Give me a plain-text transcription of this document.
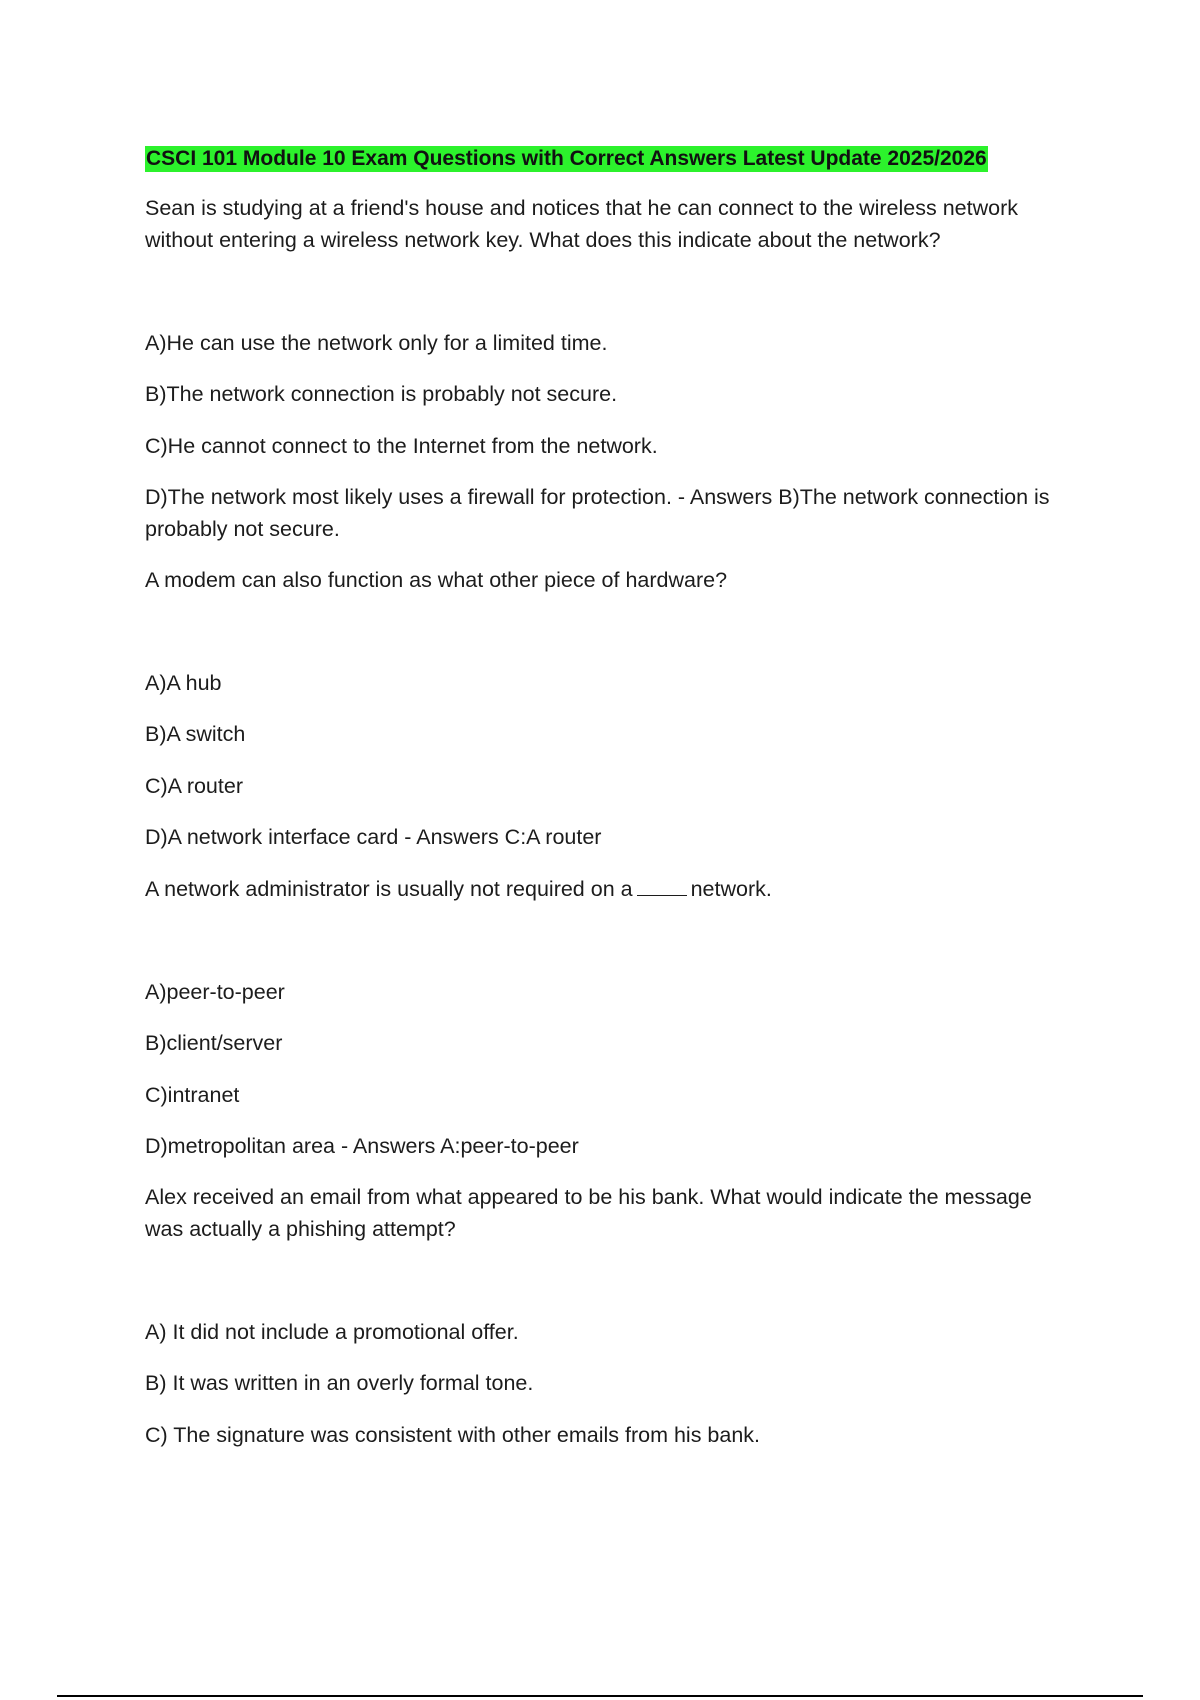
CSCI 101 Module 10 Exam Questions with Correct Answers Latest Update 2025/2026
Sean is studying at a friend's house and notices that he can connect to the wireless network
without entering a wireless network key. What does this indicate about the network?
A)He can use the network only for a limited time.
B)The network connection is probably not secure.
C)He cannot connect to the Internet from the network.
D)The network most likely uses a firewall for protection. - Answers B)The network connection is
probably not secure.
A modem can also function as what other piece of hardware?
A)A hub
B)A switch
C)A router
D)A network interface card - Answers C:A router
A network administrator is usually not required on a	network.
A)peer-to-peer
B)client/server
C)intranet
D)metropolitan area - Answers A:peer-to-peer
Alex received an email from what appeared to be his bank. What would indicate the message
was actually a phishing attempt?
A) It did not include a promotional offer.
B) It was written in an overly formal tone.
C) The signature was consistent with other emails from his bank.
